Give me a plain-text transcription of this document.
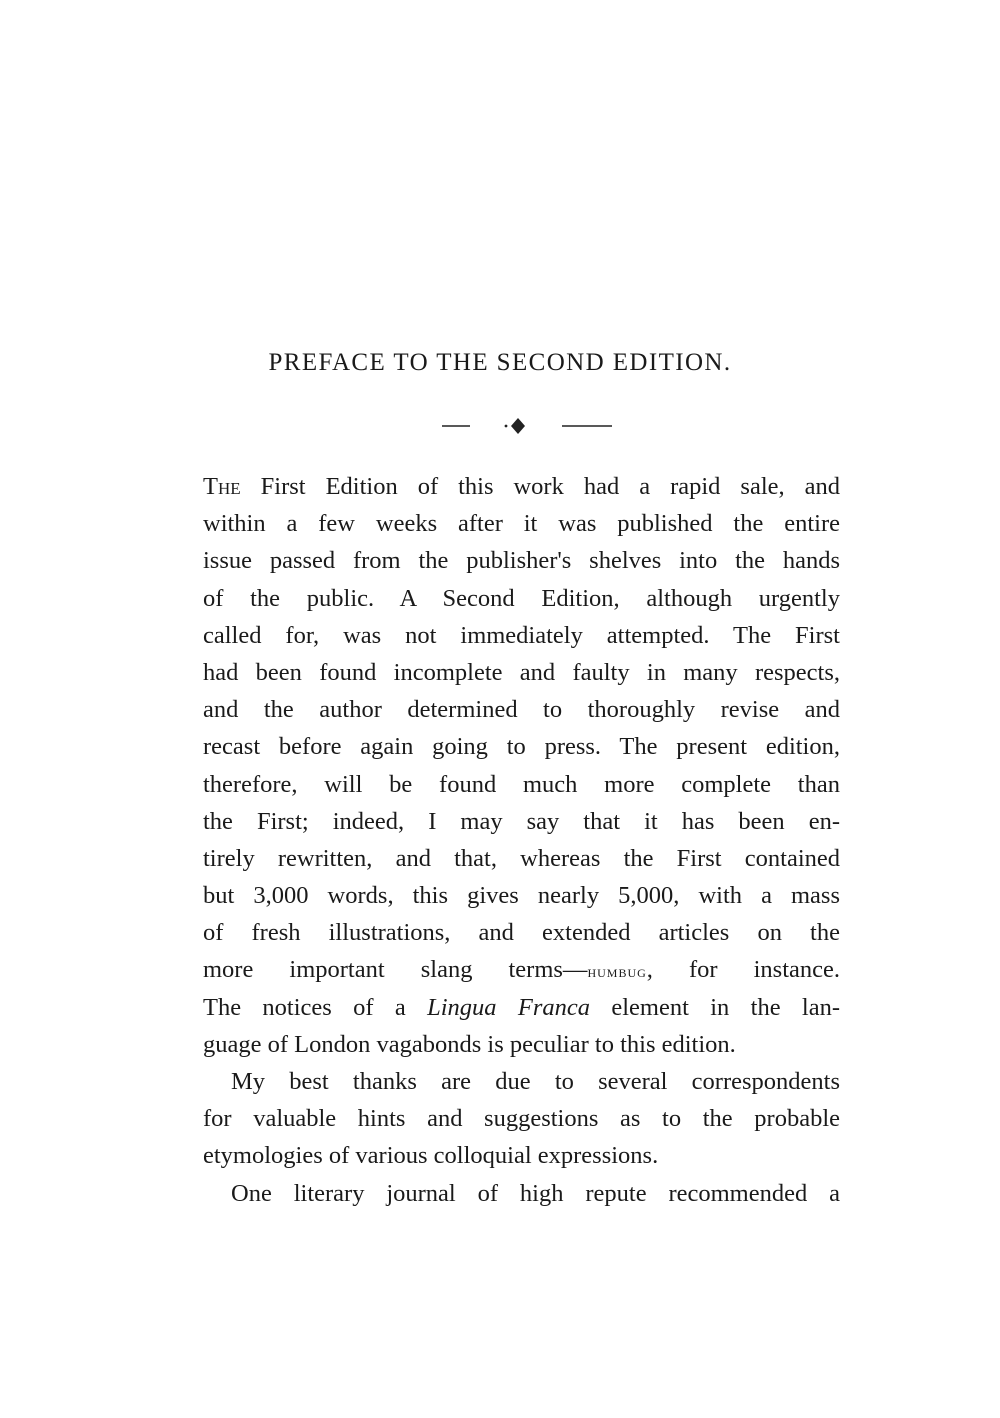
PREFACE TO THE SECOND EDITION.
The First Edition of this work had a rapid sale, and
within a few weeks after it was published the entire
issue passed from the publisher's shelves into the hands
of the public. A Second Edition, although urgently
called for, was not immediately attempted. The First
had been found incomplete and faulty in many respects,
and the author determined to thoroughly revise and
recast before again going to press. The present edition,
therefore, will be found much more complete than
the First; indeed, I may say that it has been en-
tirely rewritten, and that, whereas the First contained
but 3,000 words, this gives nearly 5,000, with a mass
of fresh illustrations, and extended articles on the
more important slang terms—humbug, for instance.
The notices of a Lingua Franca element in the lan-
guage of London vagabonds is peculiar to this edition.
My best thanks are due to several correspondents
for valuable hints and suggestions as to the probable
etymologies of various colloquial expressions.
One literary journal of high repute recommended a
